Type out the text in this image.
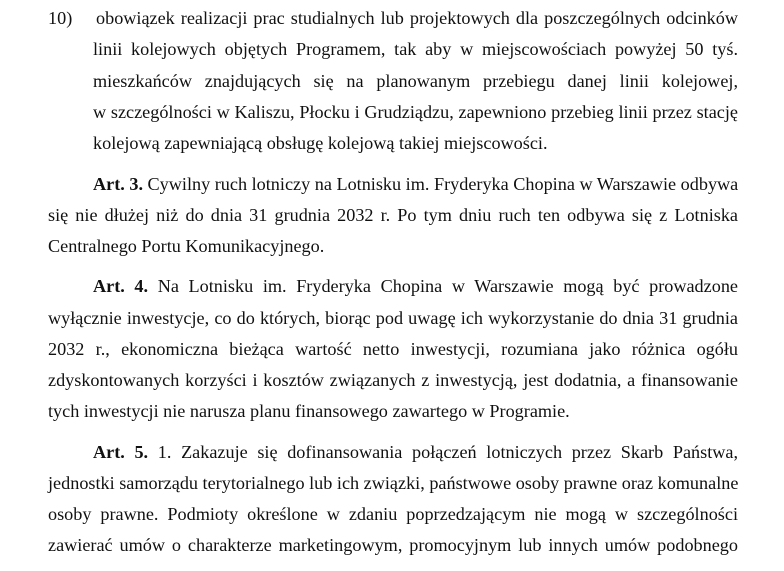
10) obowiązek realizacji prac studialnych lub projektowych dla poszczególnych odcinków
linii kolejowych objętych Programem, tak aby w miejscowościach powyżej 50 tyś.
mieszkańców znajdujących się na planowanym przebiegu danej linii kolejowej,
w szczególności w Kaliszu, Płocku i Grudziądzu, zapewniono przebieg linii przez stację
kolejową zapewniającą obsługę kolejową takiej miejscowości.
Art. 3. Cywilny ruch lotniczy na Lotnisku im. Fryderyka Chopina w Warszawie odbywa
się nie dłużej niż do dnia 31 grudnia 2032 r. Po tym dniu ruch ten odbywa się z Lotniska
Centralnego Portu Komunikacyjnego.
Art. 4. Na Lotnisku im. Fryderyka Chopina w Warszawie mogą być prowadzone
wyłącznie inwestycje, co do których, biorąc pod uwagę ich wykorzystanie do dnia 31 grudnia
2032 r., ekonomiczna bieżąca wartość netto inwestycji, rozumiana jako różnica ogółu
zdyskontowanych korzyści i kosztów związanych z inwestycją, jest dodatnia, a finansowanie
tych inwestycji nie narusza planu finansowego zawartego w Programie.
Art. 5. 1. Zakazuje się dofinansowania połączeń lotniczych przez Skarb Państwa,
jednostki samorządu terytorialnego lub ich związki, państwowe osoby prawne oraz komunalne
osoby prawne. Podmioty określone w zdaniu poprzedzającym nie mogą w szczególności
zawierać umów o charakterze marketingowym, promocyjnym lub innych umów podobnego
